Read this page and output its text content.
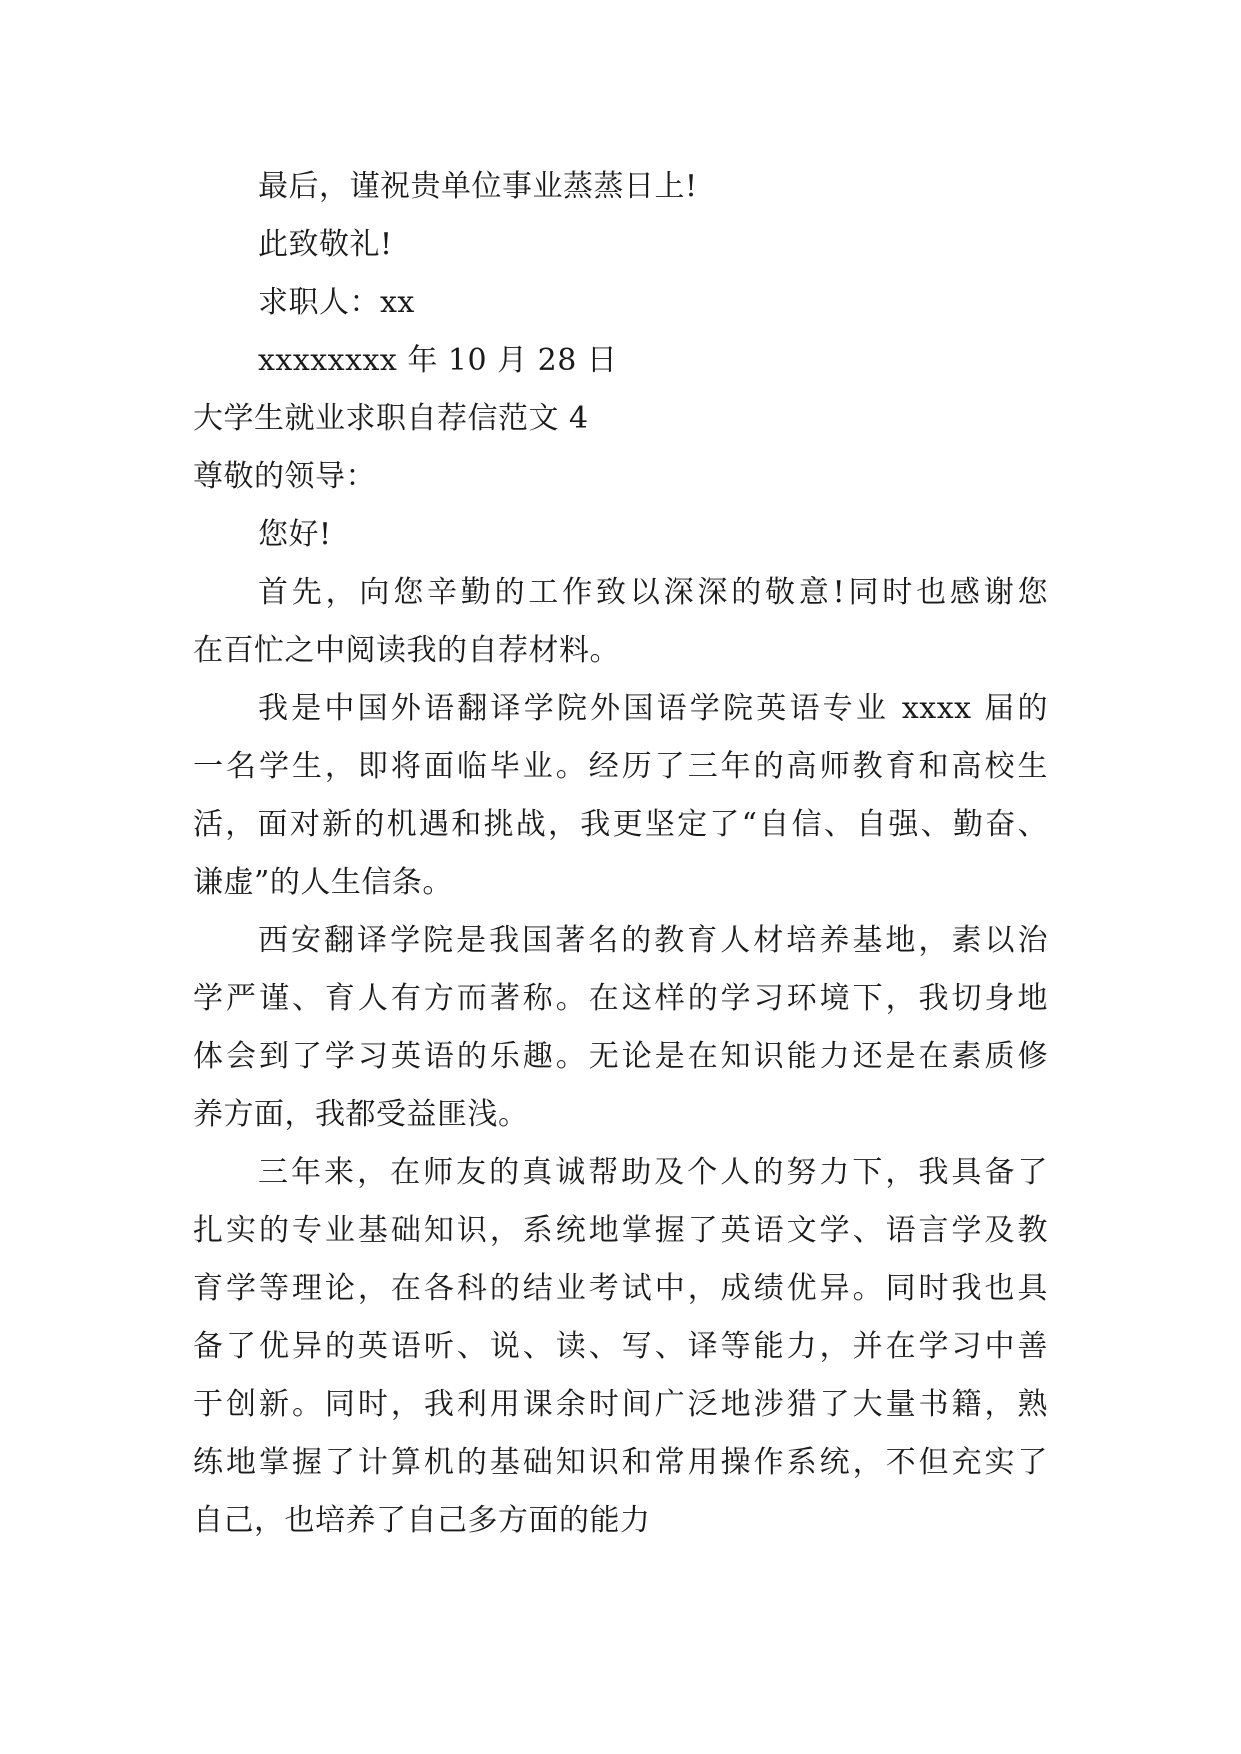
最后，谨祝贵单位事业蒸蒸日上!
此致敬礼!
求职人：xx
xxxxxxxx 年 10 月 28 日
大学生就业求职自荐信范文 4
尊敬的领导：
您好!
首先，向您辛勤的工作致以深深的敬意!同时也感谢您
在百忙之中阅读我的自荐材料。
我是中国外语翻译学院外国语学院英语专业 xxxx 届的
一名学生，即将面临毕业。经历了三年的高师教育和高校生
活，面对新的机遇和挑战，我更坚定了“自信、自强、勤奋、
谦虚”的人生信条。
西安翻译学院是我国著名的教育人材培养基地，素以治
学严谨、育人有方而著称。在这样的学习环境下，我切身地
体会到了学习英语的乐趣。无论是在知识能力还是在素质修
养方面，我都受益匪浅。
三年来，在师友的真诚帮助及个人的努力下，我具备了
扎实的专业基础知识，系统地掌握了英语文学、语言学及教
育学等理论，在各科的结业考试中，成绩优异。同时我也具
备了优异的英语听、说、读、写、译等能力，并在学习中善
于创新。同时，我利用课余时间广泛地涉猎了大量书籍，熟
练地掌握了计算机的基础知识和常用操作系统，不但充实了
自己，也培养了自己多方面的能力
